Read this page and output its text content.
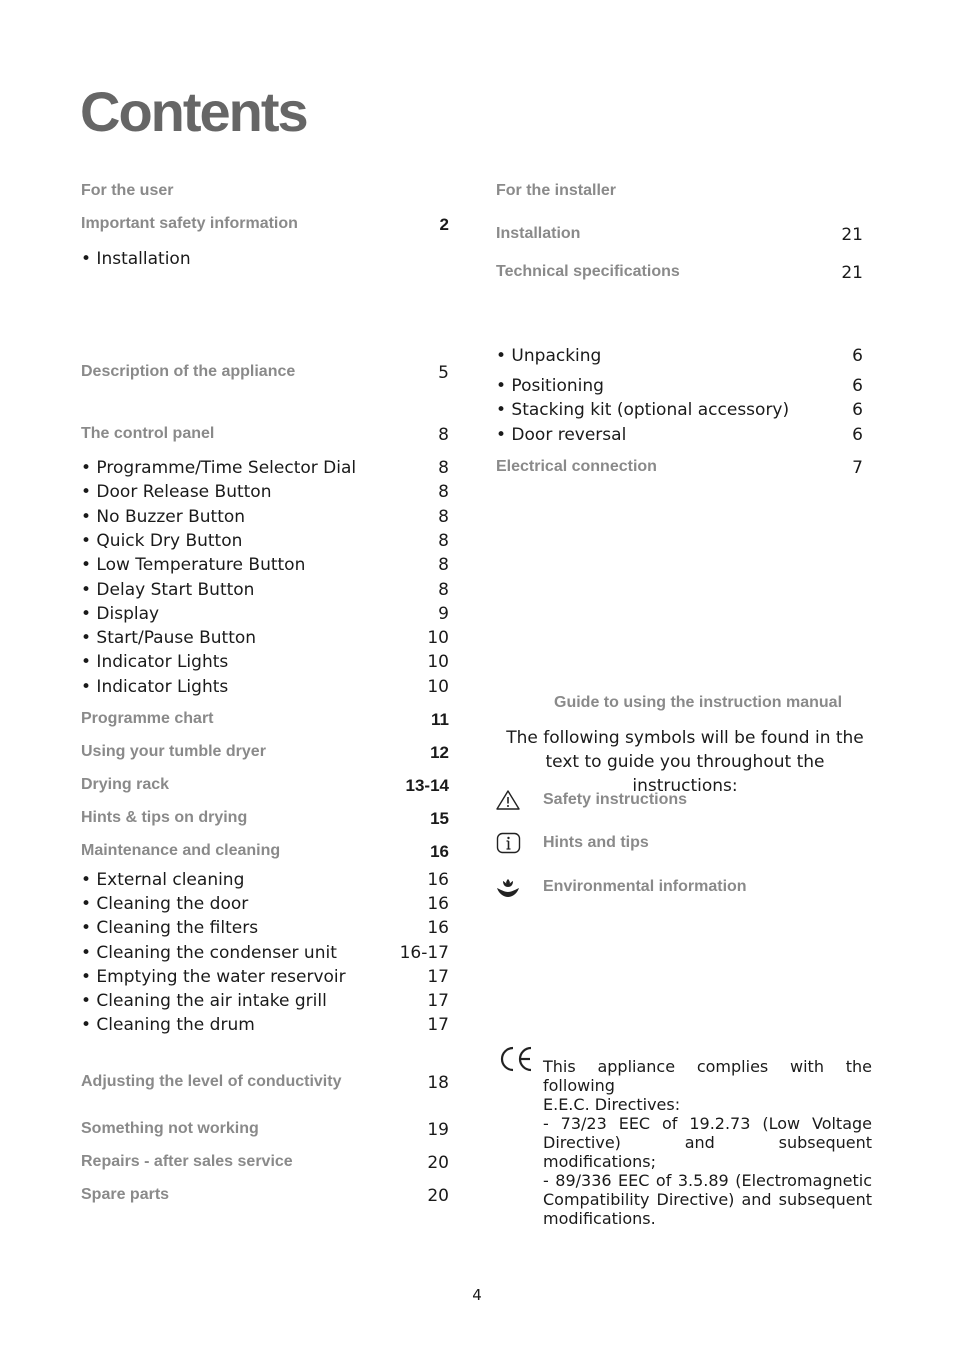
Contents
For the user
Important safety information	2
• Installation
Description of the appliance	5
The control panel	8
• Programme/Time Selector Dial	8
• Door Release Button	8
• No Buzzer Button	8
• Quick Dry Button	8
• Low Temperature Button	8
• Delay Start Button	8
• Display	9
• Start/Pause Button	10
• Indicator Lights	10
• Indicator Lights	10
Programme chart	11
Using your tumble dryer	12
Drying rack	13-14
Hints & tips on drying	15
Maintenance and cleaning	16
• External cleaning	16
• Cleaning the door	16
• Cleaning the filters	16
• Cleaning the condenser unit	16-17
• Emptying the water reservoir	17
• Cleaning the air intake grill	17
• Cleaning the drum	17
Adjusting the level of conductivity	18
Something not working	19
Repairs - after sales service	20
Spare parts	20
For the installer
Installation	21
Technical specifications	21
• Unpacking	6
• Positioning	6
• Stacking kit (optional accessory)	6
• Door reversal	6
Electrical connection	7
Guide to using the instruction manual
The following symbols will be found in the text to guide you throughout the instructions:
Safety instructions
Hints and tips
Environmental information
This appliance complies with the following
E.E.C. Directives:
- 73/23 EEC of 19.2.73 (Low Voltage
Directive) and subsequent modifications;
- 89/336 EEC of 3.5.89 (Electromagnetic
Compatibility Directive) and subsequent
modifications.
4
